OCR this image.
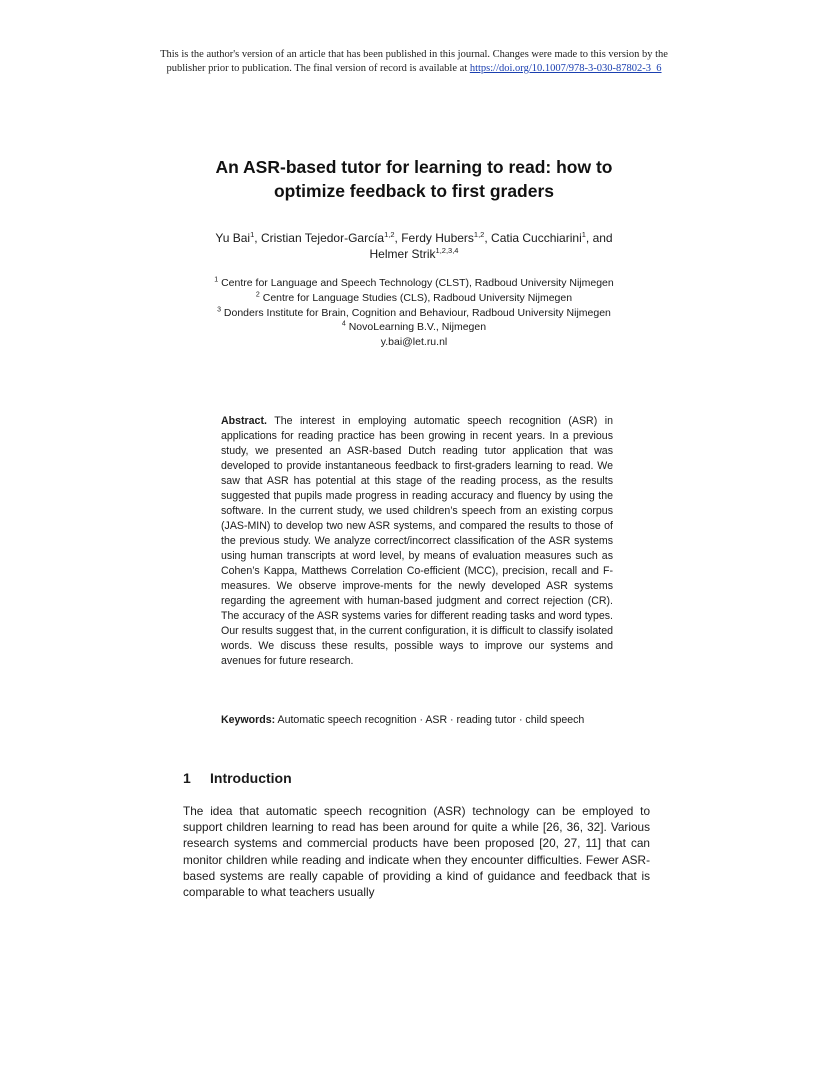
This is the author's version of an article that has been published in this journal. Changes were made to this version by the
publisher prior to publication. The final version of record is available at https://doi.org/10.1007/978-3-030-87802-3_6
An ASR-based tutor for learning to read: how to
optimize feedback to first graders
Yu Bai$^1$, Cristian Tejedor-García$^{1,2}$, Ferdy Hubers$^{1,2}$, Catia Cucchiarini$^1$, and
Helmer Strik$^{1,2,3,4}$
$^1$ Centre for Language and Speech Technology (CLST), Radboud University Nijmegen
$^2$ Centre for Language Studies (CLS), Radboud University Nijmegen
$^3$ Donders Institute for Brain, Cognition and Behaviour, Radboud University Nijmegen
$^4$ NovoLearning B.V., Nijmegen
y.bai@let.ru.nl
Abstract. The interest in employing automatic speech recognition (ASR) in applications for reading practice has been growing in recent years. In a previous study, we presented an ASR-based Dutch reading tutor application that was developed to provide instantaneous feedback to first-graders learning to read. We saw that ASR has potential at this stage of the reading process, as the results suggested that pupils made progress in reading accuracy and fluency by using the software. In the current study, we used children’s speech from an existing corpus (JAS-MIN) to develop two new ASR systems, and compared the results to those of the previous study. We analyze correct/incorrect classification of the ASR systems using human transcripts at word level, by means of evaluation measures such as Cohen’s Kappa, Matthews Correlation Co-efficient (MCC), precision, recall and F-measures. We observe improve-ments for the newly developed ASR systems regarding the agreement with human-based judgment and correct rejection (CR). The accuracy of the ASR systems varies for different reading tasks and word types. Our results suggest that, in the current configuration, it is difficult to classify isolated words. We discuss these results, possible ways to improve our systems and avenues for future research.
Keywords: Automatic speech recognition · ASR · reading tutor · child speech
1 Introduction

The idea that automatic speech recognition (ASR) technology can be employed to support children learning to read has been around for quite a while [26, 36, 32]. Various research systems and commercial products have been proposed [20, 27, 11] that can monitor children while reading and indicate when they encounter difficulties. Fewer ASR-based systems are really capable of providing a kind of guidance and feedback that is comparable to what teachers usually
